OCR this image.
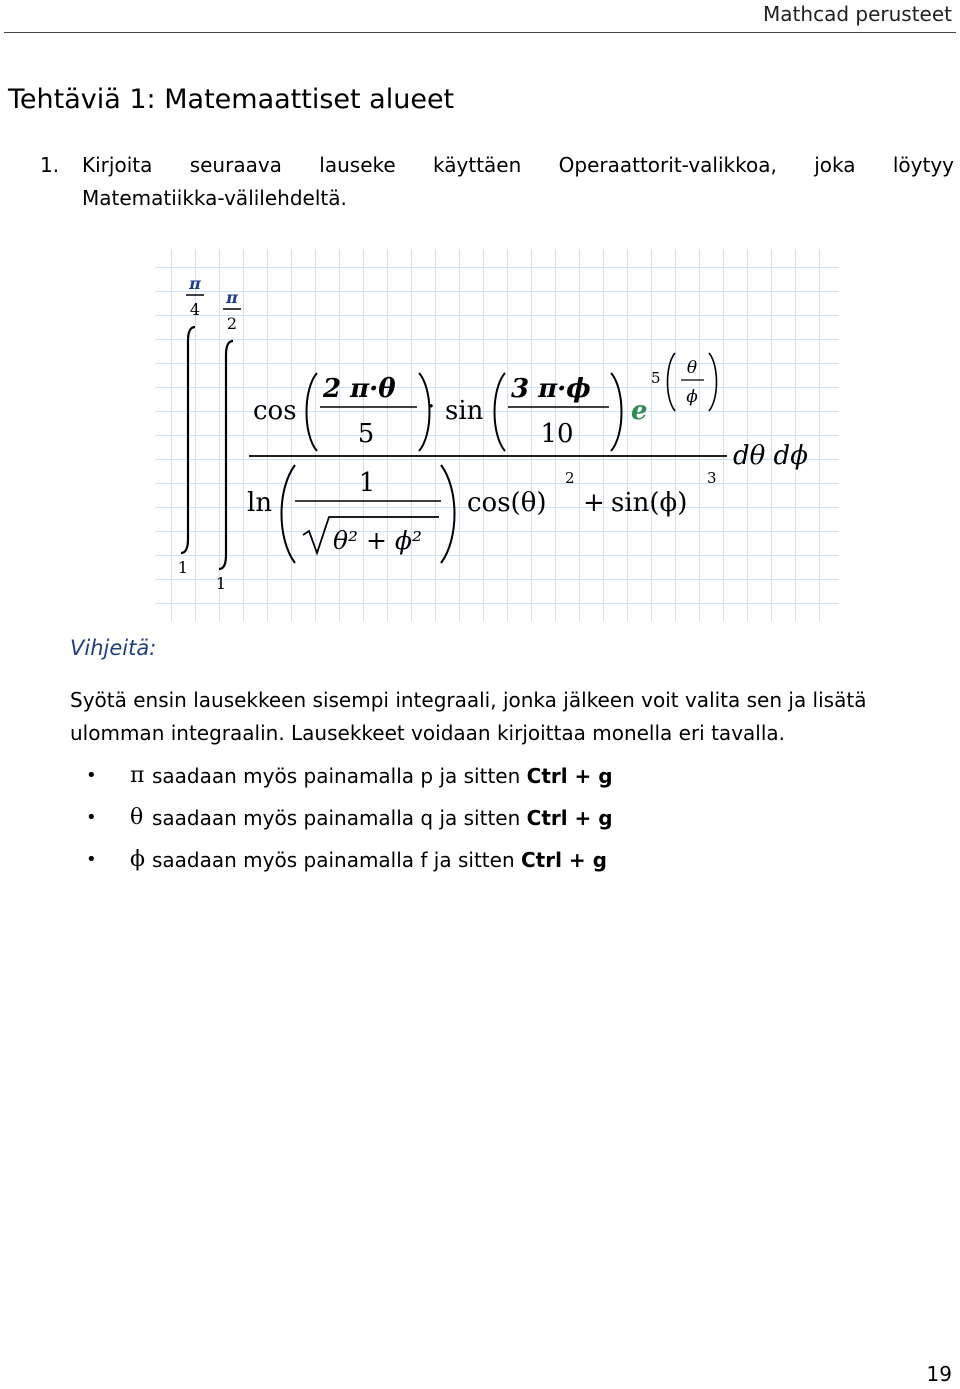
Mathcad perusteet
Tehtäviä 1: Matemaattiset alueet
1. Kirjoita seuraava lauseke käyttäen Operaattorit-valikkoa, joka löytyy
Matematiikka-välilehdeltä.
π
4
1
π
2
1
cos
2 π·θ
5
· sin
3 π·ϕ
10
e
5 θ
ϕ
dθ dϕ
ln
1
θ² + ϕ²
cos(θ)
2
+ sin(ϕ)
3
Vihjeitä:

Syötä ensin lausekkeen sisempi integraali, jonka jälkeen voit valita sen ja lisätä ulomman integraalin. Lausekkeet voidaan kirjoittaa monella eri tavalla.

• π saadaan myös painamalla p ja sitten Ctrl + g
• θ saadaan myös painamalla q ja sitten Ctrl + g
• ϕ saadaan myös painamalla f ja sitten Ctrl + g
19
